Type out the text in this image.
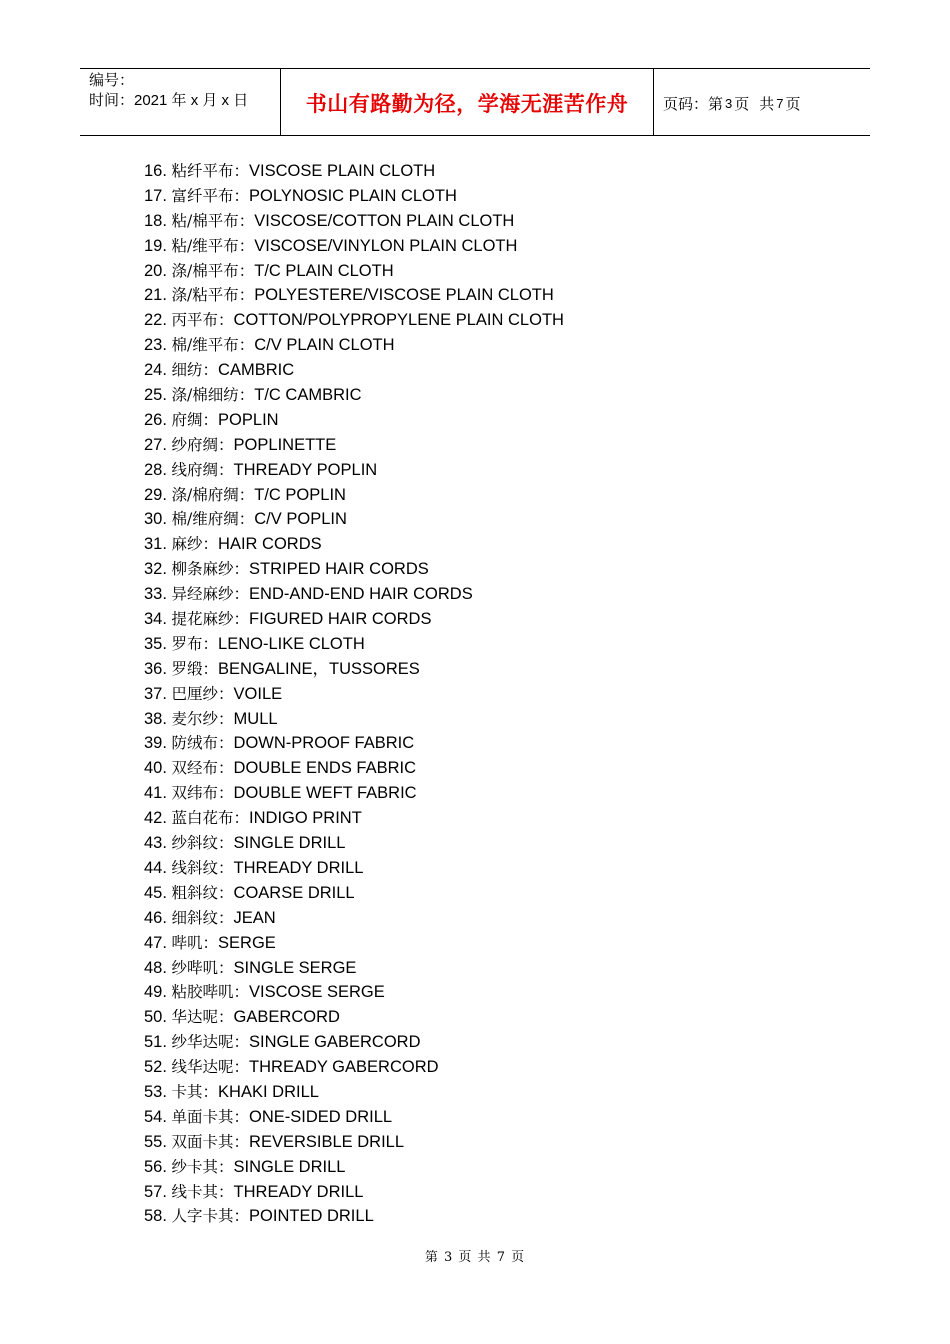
编号：
时间：2021 年 x 月 x 日	书山有路勤为径，学海无涯苦作舟 页码：第 3 页 共 7 页
16. 粘纤平布：VISCOSE PLAIN CLOTH
17. 富纤平布：POLYNOSIC PLAIN CLOTH
18. 粘/棉平布：VISCOSE/COTTON PLAIN CLOTH
19. 粘/维平布：VISCOSE/VINYLON PLAIN CLOTH
20. 涤/棉平布：T/C PLAIN CLOTH
21. 涤/粘平布：POLYESTERE/VISCOSE PLAIN CLOTH
22. 丙平布：COTTON/POLYPROPYLENE PLAIN CLOTH
23. 棉/维平布：C/V PLAIN CLOTH
24. 细纺：CAMBRIC
25. 涤/棉细纺：T/C CAMBRIC
26. 府绸：POPLIN
27. 纱府绸：POPLINETTE
28. 线府绸：THREADY POPLIN
29. 涤/棉府绸：T/C POPLIN
30. 棉/维府绸：C/V POPLIN
31. 麻纱：HAIR CORDS
32. 柳条麻纱：STRIPED HAIR CORDS
33. 异经麻纱：END-AND-END HAIR CORDS
34. 提花麻纱：FIGURED HAIR CORDS
35. 罗布：LENO-LIKE CLOTH
36. 罗缎：BENGALINE，TUSSORES
37. 巴厘纱：VOILE
38. 麦尔纱：MULL
39. 防绒布：DOWN-PROOF FABRIC
40. 双经布：DOUBLE ENDS FABRIC
41. 双纬布：DOUBLE WEFT FABRIC
42. 蓝白花布：INDIGO PRINT
43. 纱斜纹：SINGLE DRILL
44. 线斜纹：THREADY DRILL
45. 粗斜纹：COARSE DRILL
46. 细斜纹：JEAN
47. 哔叽：SERGE
48. 纱哔叽：SINGLE SERGE
49. 粘胶哔叽：VISCOSE SERGE
50. 华达呢：GABERCORD
51. 纱华达呢：SINGLE GABERCORD
52. 线华达呢：THREADY GABERCORD
53. 卡其：KHAKI DRILL
54. 单面卡其：ONE-SIDED DRILL
55. 双面卡其：REVERSIBLE DRILL
56. 纱卡其：SINGLE DRILL
57. 线卡其：THREADY DRILL
58. 人字卡其：POINTED DRILL
第 3 页 共 7 页
